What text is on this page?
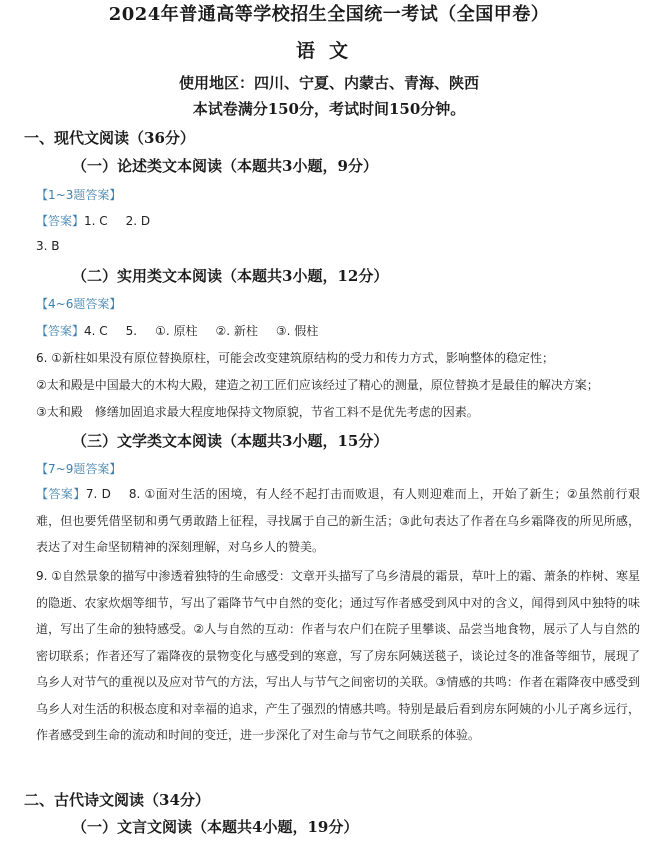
2024年普通高等学校招生全国统一考试（全国甲卷）
语文
使用地区：四川、宁夏、内蒙古、青海、陕西
本试卷满分150分，考试时间150分钟。
一、现代文阅读（36分）
（一）论述类文本阅读（本题共3小题，9分）
【1~3题答案】
【答案】1. C 2. D
3. B
（二）实用类文本阅读（本题共3小题，12分）
【4~6题答案】
【答案】4. C 5. ①. 原柱 ②. 新柱 ③. 假柱
6. ①新柱如果没有原位替换原柱，可能会改变建筑原结构的受力和传力方式，影响整体的稳定性；
②太和殿是中国最大的木构大殿，建造之初工匠们应该经过了精心的测量，原位替换才是最佳的解决方案；
③太和殿　修缮加固追求最大程度地保持文物原貌，节省工料不是优先考虑的因素。
（三）文学类文本阅读（本题共3小题，15分）
【7~9题答案】
【答案】7. D 8. ①面对生活的困境，有人经不起打击而败退，有人则迎难而上，开始了新生；②虽然前行艰难，但也要凭借坚韧和勇气勇敢踏上征程，寻找属于自己的新生活；③此句表达了作者在乌乡霜降夜的所见所感，表达了对生命坚韧精神的深刻理解，对乌乡人的赞美。
9. ①自然景象的描写中渗透着独特的生命感受：文章开头描写了乌乡清晨的霜景，草叶上的霜、萧条的柞树、寒星的隐逝、农家炊烟等细节，写出了霜降节气中自然的变化；通过写作者感受到风中对的含义，闻得到风中独特的味道，写出了生命的独特感受。②人与自然的互动：作者与农户们在院子里攀谈、品尝当地食物，展示了人与自然的密切联系；作者还写了霜降夜的景物变化与感受到的寒意，写了房东阿姨送毯子，谈论过冬的准备等细节，展现了乌乡人对节气的重视以及应对节气的方法，写出人与节气之间密切的关联。③情感的共鸣：作者在霜降夜中感受到乌乡人对生活的积极态度和对幸福的追求，产生了强烈的情感共鸣。特别是最后看到房东阿姨的小儿子离乡远行，作者感受到生命的流动和时间的变迁，进一步深化了对生命与节气之间联系的体验。
二、古代诗文阅读（34分）
（一）文言文阅读（本题共4小题，19分）
